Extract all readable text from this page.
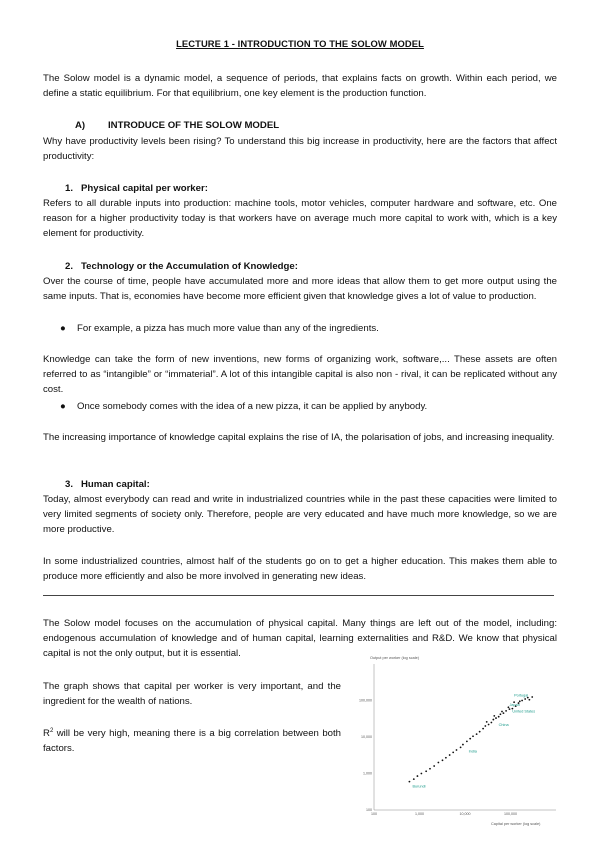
LECTURE 1 - INTRODUCTION TO THE SOLOW MODEL
The Solow model is a dynamic model, a sequence of periods, that explains facts on growth. Within each period, we define a static equilibrium. For that equilibrium, one key element is the production function.
A) INTRODUCE OF THE SOLOW MODEL
Why have productivity levels been rising? To understand this big increase in productivity, here are the factors that affect productivity:
1. Physical capital per worker:
Refers to all durable inputs into production: machine tools, motor vehicles, computer hardware and software, etc. One reason for a higher productivity today is that workers have on average much more capital to work with, which is a key element for productivity.
2. Technology or the Accumulation of Knowledge:
Over the course of time, people have accumulated more and more ideas that allow them to get more output using the same inputs. That is, economies have become more efficient given that knowledge gives a lot of value to production.
● For example, a pizza has much more value than any of the ingredients.
Knowledge can take the form of new inventions, new forms of organizing work, software,... These assets are often referred to as “intangible” or “immaterial”. A lot of this intangible capital is also non - rival, it can be replicated without any cost.
● Once somebody comes with the idea of a new pizza, it can be applied by anybody.
The increasing importance of knowledge capital explains the rise of IA, the polarisation of jobs, and increasing inequality.
3. Human capital:
Today, almost everybody can read and write in industrialized countries while in the past these capacities were limited to very limited segments of society only. Therefore, people are very educated and have much more knowledge, so we are more productive.
In some industrialized countries, almost half of the students go on to get a higher education. This makes them able to produce more efficiently and also be more involved in generating new ideas.
The Solow model focuses on the accumulation of physical capital. Many things are left out of the model, including: endogenous accumulation of knowledge and of human capital, learning externalities and R&D. We know that physical capital is not the only output, but it is essential.
The graph shows that capital per worker is very important, and the ingredient for the wealth of nations.
$R^2$ will be very high, meaning there is a big correlation between both factors.
Output per worker (log scale)
100,000
10,000
1,000
100
100	1,000	10,000	100,000
Portugal
Japan
United States
China
India
Burundi
Capital per worker (log scale)
